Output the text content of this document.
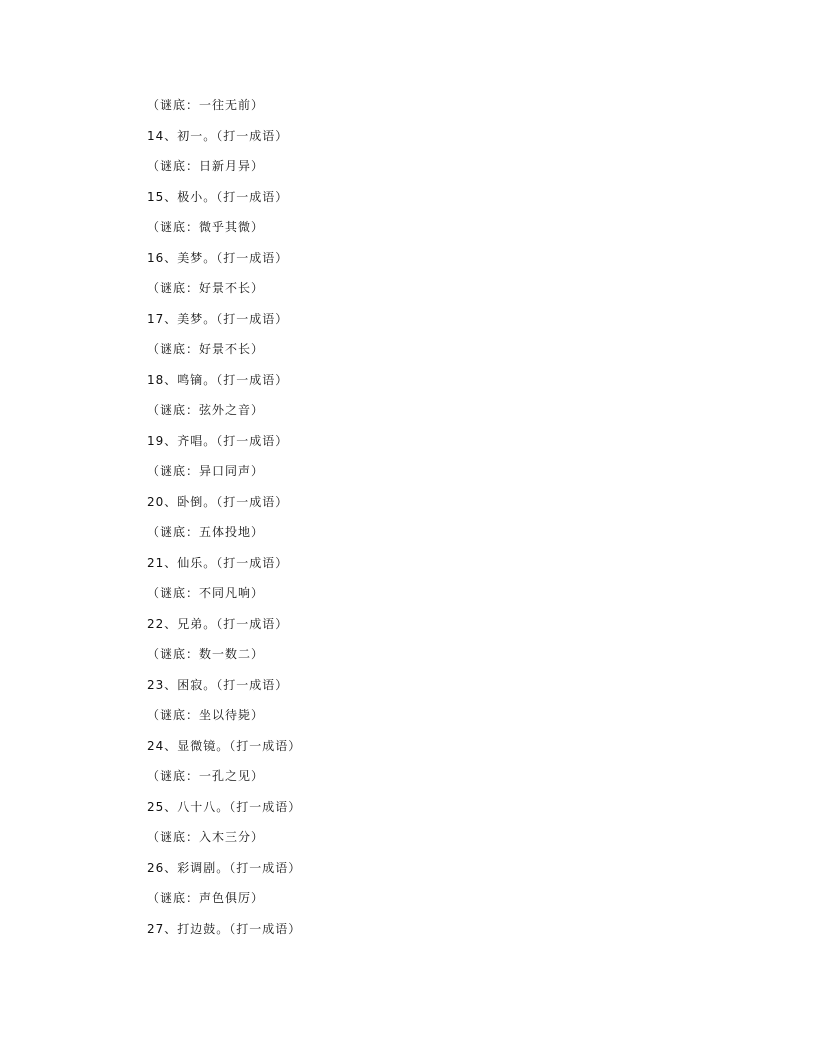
（谜底：一往无前）
14、初一。（打一成语）
（谜底：日新月异）
15、极小。（打一成语）
（谜底：微乎其微）
16、美梦。（打一成语）
（谜底：好景不长）
17、美梦。（打一成语）
（谜底：好景不长）
18、鸣镝。（打一成语）
（谜底：弦外之音）
19、齐唱。（打一成语）
（谜底：异口同声）
20、卧倒。（打一成语）
（谜底：五体投地）
21、仙乐。（打一成语）
（谜底：不同凡响）
22、兄弟。（打一成语）
（谜底：数一数二）
23、困寂。（打一成语）
（谜底：坐以待毙）
24、显微镜。（打一成语）
（谜底：一孔之见）
25、八十八。（打一成语）
（谜底：入木三分）
26、彩调剧。（打一成语）
（谜底：声色俱厉）
27、打边鼓。（打一成语）
